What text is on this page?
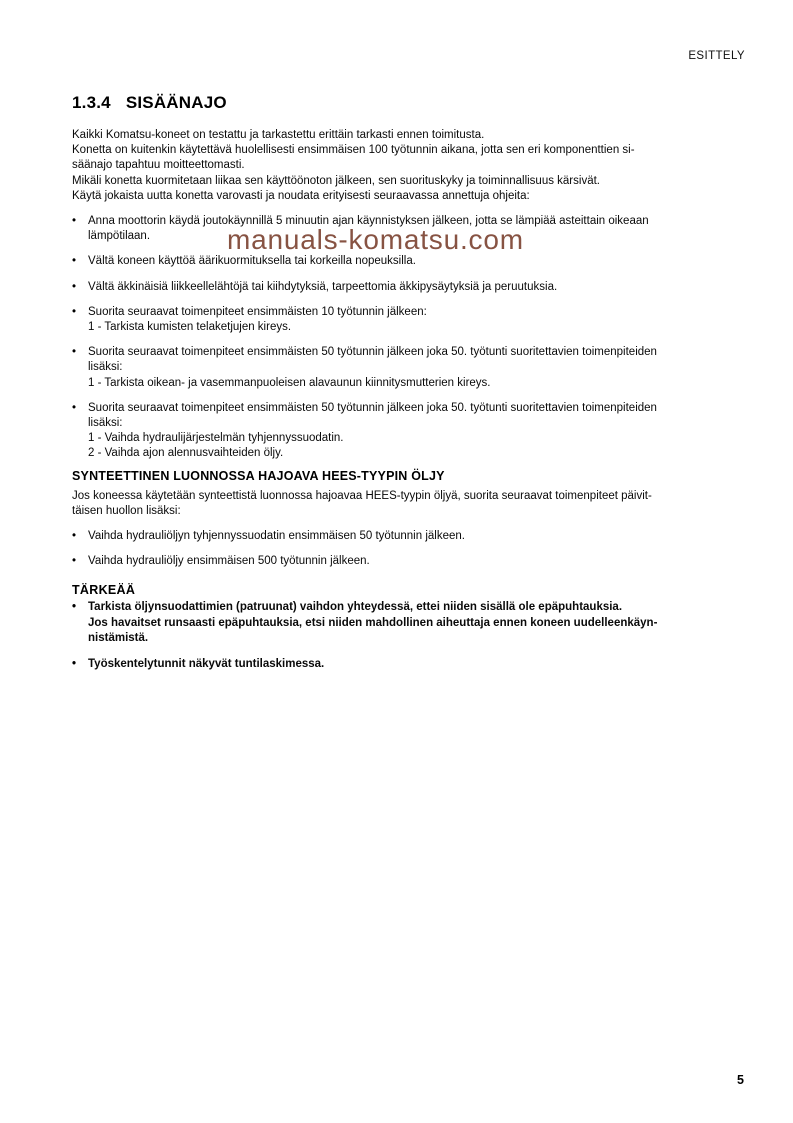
ESITTELY
manuals-komatsu.com
1.3.4 SISÄÄNAJO
Kaikki Komatsu-koneet on testattu ja tarkastettu erittäin tarkasti ennen toimitusta.
Konetta on kuitenkin käytettävä huolellisesti ensimmäisen 100 työtunnin aikana, jotta sen eri komponenttien si-
säänajo tapahtuu moitteettomasti.
Mikäli konetta kuormitetaan liikaa sen käyttöönoton jälkeen, sen suorituskyky ja toiminnallisuus kärsivät.
Käytä jokaista uutta konetta varovasti ja noudata erityisesti seuraavassa annettuja ohjeita:
•
Anna moottorin käydä joutokäynnillä 5 minuutin ajan käynnistyksen jälkeen, jotta se lämpiää asteittain oikeaan
lämpötilaan.
•
Vältä koneen käyttöä äärikuormituksella tai korkeilla nopeuksilla.
•
Vältä äkkinäisiä liikkeellelähtöjä tai kiihdytyksiä, tarpeettomia äkkipysäytyksiä ja peruutuksia.
•
Suorita seuraavat toimenpiteet ensimmäisten 10 työtunnin jälkeen:
1 - Tarkista kumisten telaketjujen kireys.
•
Suorita seuraavat toimenpiteet ensimmäisten 50 työtunnin jälkeen joka 50. työtunti suoritettavien toimenpiteiden
lisäksi:
1 - Tarkista oikean- ja vasemmanpuoleisen alavaunun kiinnitysmutterien kireys.
•
Suorita seuraavat toimenpiteet ensimmäisten 50 työtunnin jälkeen joka 50. työtunti suoritettavien toimenpiteiden
lisäksi:
1 - Vaihda hydraulijärjestelmän tyhjennyssuodatin.
2 - Vaihda ajon alennusvaihteiden öljy.
SYNTEETTINEN LUONNOSSA HAJOAVA HEES-TYYPIN ÖLJY
Jos koneessa käytetään synteettistä luonnossa hajoavaa HEES-tyypin öljyä, suorita seuraavat toimenpiteet päivit-
täisen huollon lisäksi:
•
Vaihda hydrauliöljyn tyhjennyssuodatin ensimmäisen 50 työtunnin jälkeen.
•
Vaihda hydrauliöljy ensimmäisen 500 työtunnin jälkeen.
TÄRKEÄÄ
•
Tarkista öljynsuodattimien (patruunat) vaihdon yhteydessä, ettei niiden sisällä ole epäpuhtauksia.
Jos havaitset runsaasti epäpuhtauksia, etsi niiden mahdollinen aiheuttaja ennen koneen uudelleenkäyn-
nistämistä.
•
Työskentelytunnit näkyvät tuntilaskimessa.
5
